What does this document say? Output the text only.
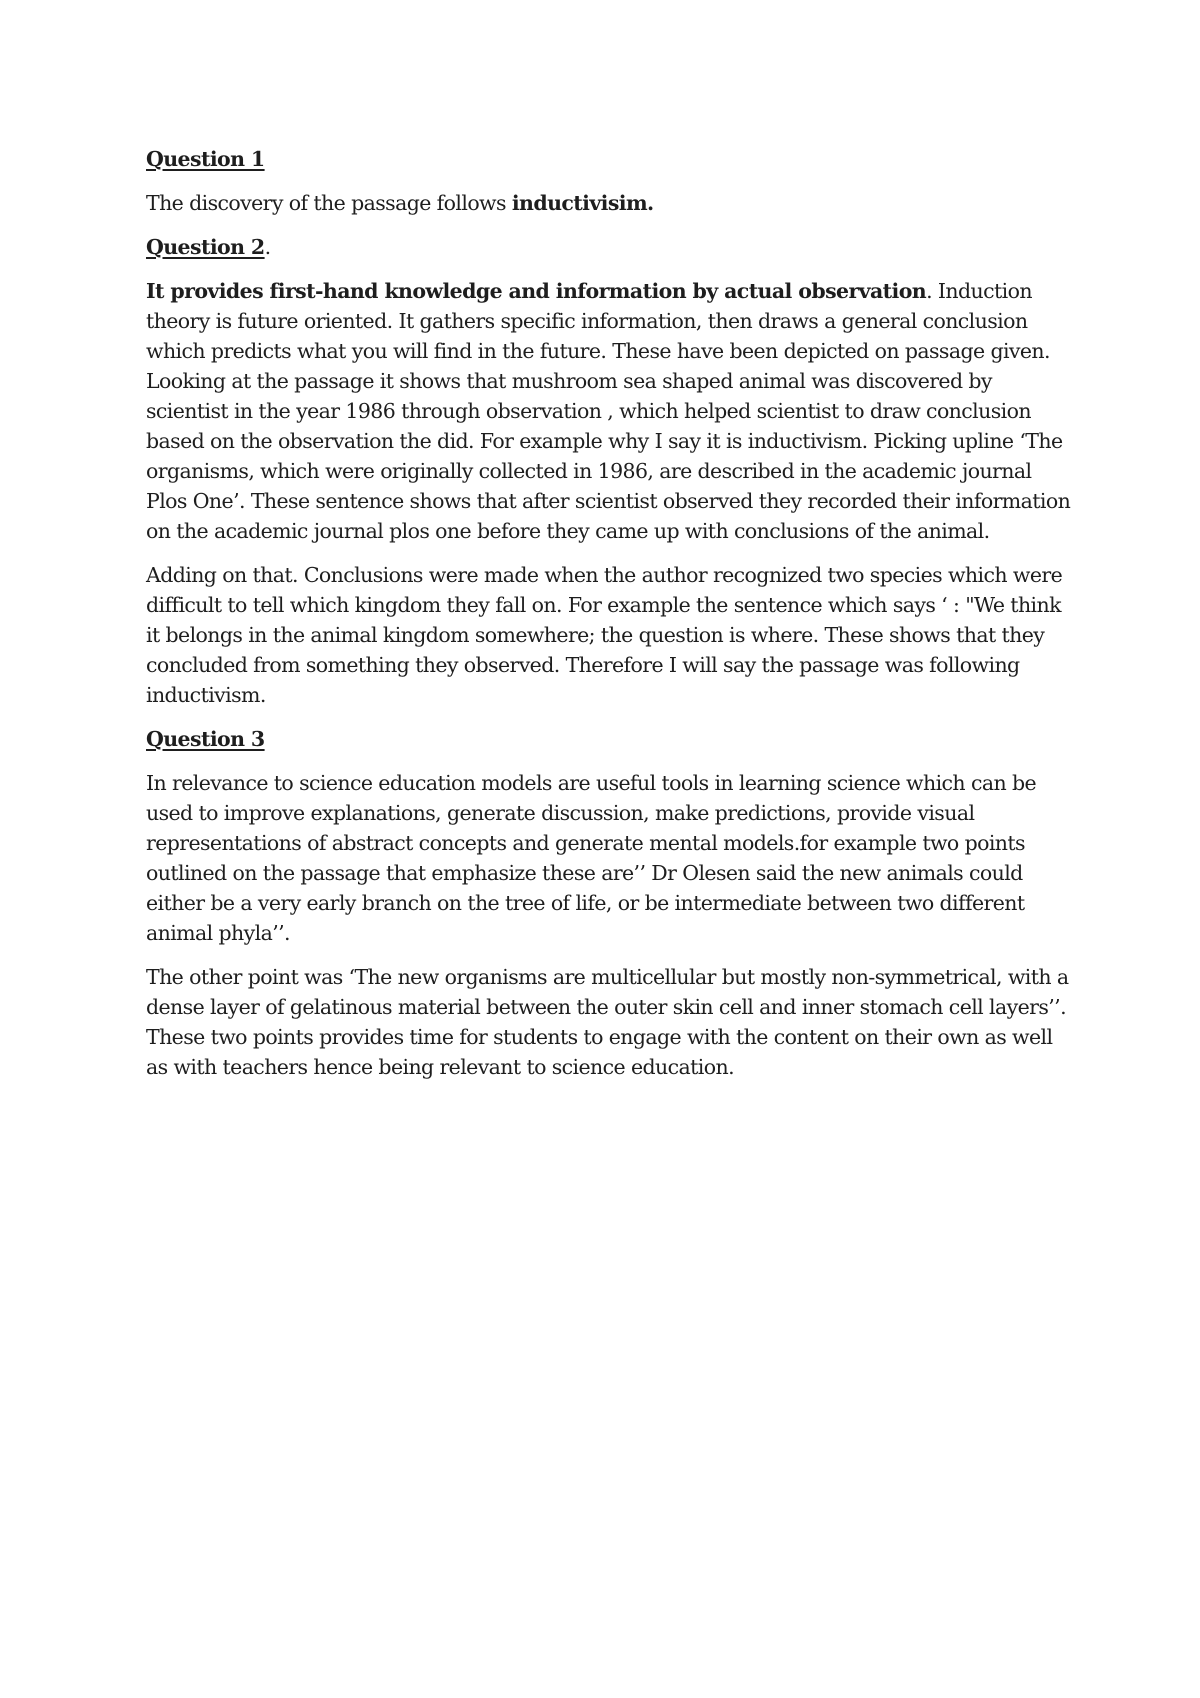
Question 1

The discovery of the passage follows inductivisim.

Question 2.

It provides first-hand knowledge and information by actual observation. Induction theory is future oriented. It gathers specific information, then draws a general conclusion which predicts what you will find in the future. These have been depicted on passage given. Looking at the passage it shows that mushroom sea shaped animal was discovered by scientist in the year 1986 through observation , which helped scientist to draw conclusion based on the observation the did. For example why I say it is inductivism. Picking upline ‘The organisms, which were originally collected in 1986, are described in the academic journal Plos One’. These sentence shows that after scientist observed they recorded their information on the academic journal plos one before they came up with conclusions of the animal.

Adding on that. Conclusions were made when the author recognized two species which were difficult to tell which kingdom they fall on. For example the sentence which says ‘ : "We think it belongs in the animal kingdom somewhere; the question is where. These shows that they concluded from something they observed. Therefore I will say the passage was following inductivism.

Question 3

In relevance to science education models are useful tools in learning science which can be used to improve explanations, generate discussion, make predictions, provide visual representations of abstract concepts and generate mental models.for example two points outlined on the passage that emphasize these are’’ Dr Olesen said the new animals could either be a very early branch on the tree of life, or be intermediate between two different animal phyla’’.

The other point was ‘The new organisms are multicellular but mostly non-symmetrical, with a dense layer of gelatinous material between the outer skin cell and inner stomach cell layers’’. These two points provides time for students to engage with the content on their own as well as with teachers hence being relevant to science education.
